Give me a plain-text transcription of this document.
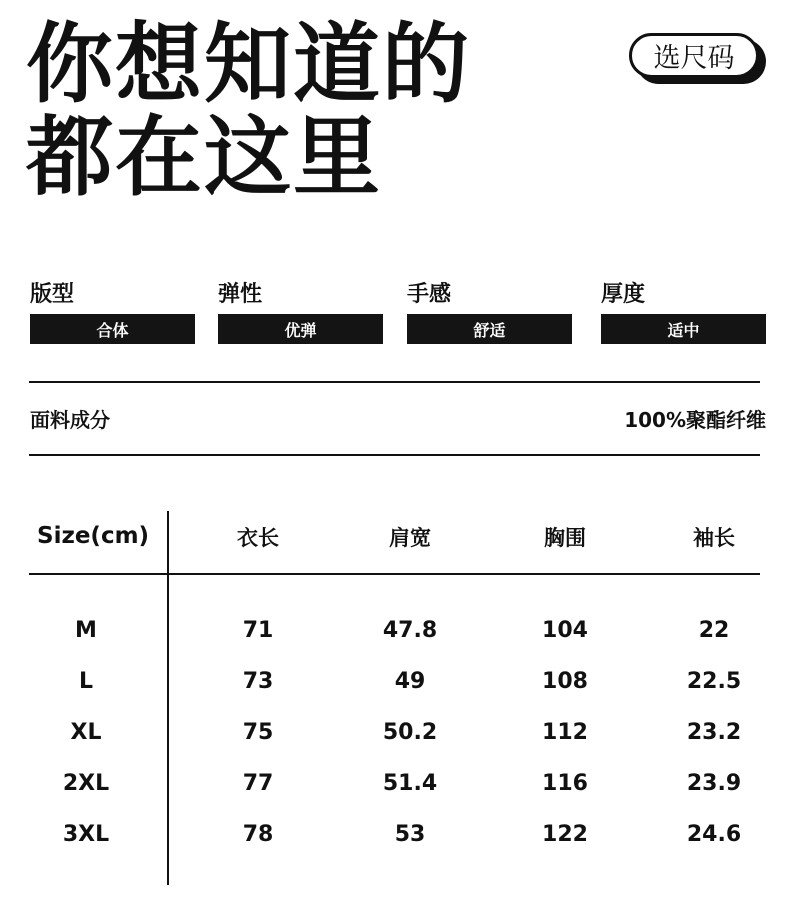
你想知道的
都在这里
选尺码
版型
合体
弹性
优弹
手感
舒适
厚度
适中
面料成分	100%聚酯纤维
Size(cm)	衣长	肩宽	胸围	袖长
M	71	47.8	104	22
L	73	49	108	22.5
XL	75	50.2	112	23.2
2XL	77	51.4	116	23.9
3XL	78	53	122	24.6
